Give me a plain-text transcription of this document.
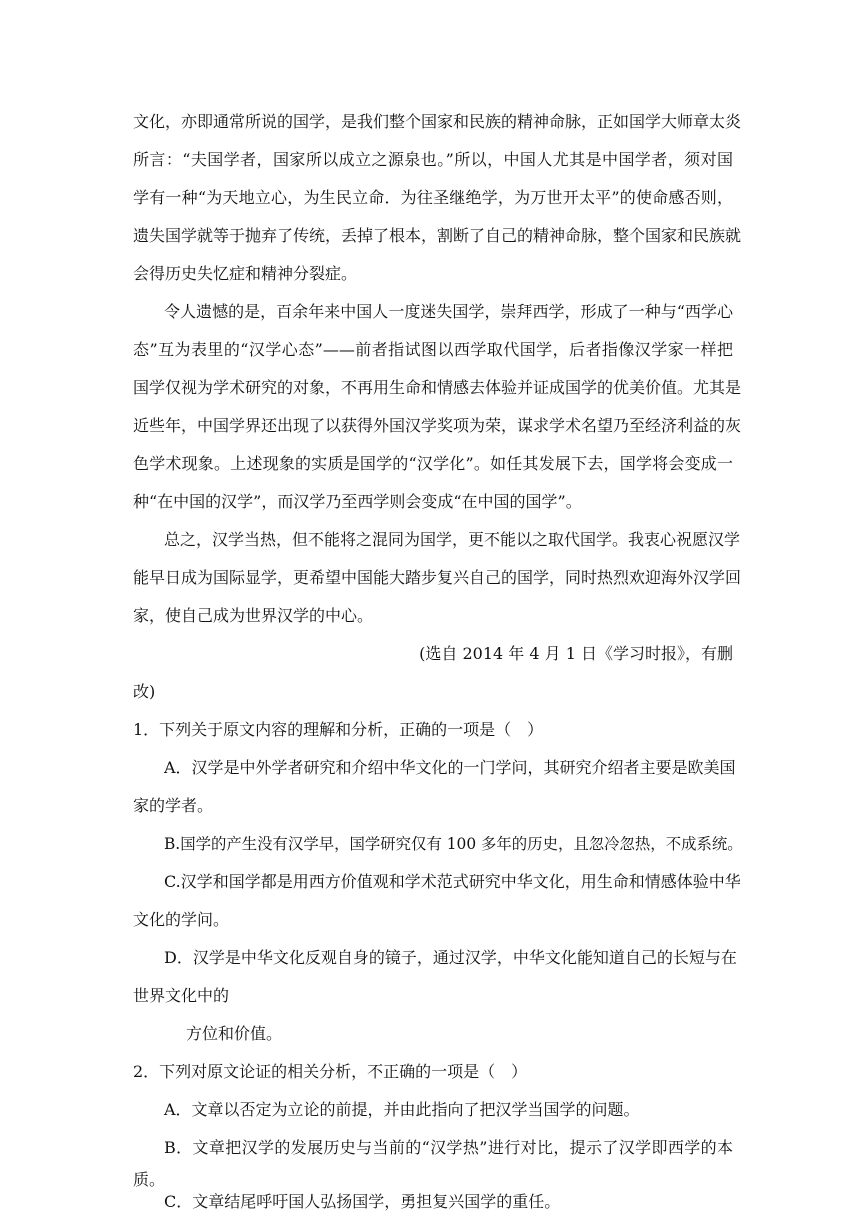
文化，亦即通常所说的国学，是我们整个国家和民族的精神命脉，正如国学大师章太炎
所言：“夫国学者，国家所以成立之源泉也。”所以，中国人尤其是中国学者，须对国
学有一种“为天地立心，为生民立命．为往圣继绝学，为万世开太平”的使命感否则，
遗失国学就等于抛弃了传统，丢掉了根本，割断了自己的精神命脉，整个国家和民族就
会得历史失忆症和精神分裂症。
令人遗憾的是，百余年来中国人一度迷失国学，崇拜西学，形成了一种与“西学心
态”互为表里的“汉学心态”——前者指试图以西学取代国学，后者指像汉学家一样把
国学仅视为学术研究的对象，不再用生命和情感去体验并证成国学的优美价值。尤其是
近些年，中国学界还出现了以获得外国汉学奖项为荣，谋求学术名望乃至经济利益的灰
色学术现象。上述现象的实质是国学的“汉学化”。如任其发展下去，国学将会变成一
种“在中国的汉学”，而汉学乃至西学则会变成“在中国的国学”。
总之，汉学当热，但不能将之混同为国学，更不能以之取代国学。我衷心祝愿汉学
能早日成为国际显学，更希望中国能大踏步复兴自己的国学，同时热烈欢迎海外汉学回
家，使自己成为世界汉学的中心。
(选自 2014 年 4 月 1 日《学习时报》，有删
改)
1．下列关于原文内容的理解和分析，正确的一项是（　）
A．汉学是中外学者研究和介绍中华文化的一门学问，其研究介绍者主要是欧美国
家的学者。
B.国学的产生没有汉学早，国学研究仅有 100 多年的历史，且忽冷忽热，不成系统。
C.汉学和国学都是用西方价值观和学术范式研究中华文化，用生命和情感体验中华
文化的学问。
D．汉学是中华文化反观自身的镜子，通过汉学，中华文化能知道自己的长短与在
世界文化中的
方位和价值。
2．下列对原文论证的相关分析，不正确的一项是（　）
A．文章以否定为立论的前提，并由此指向了把汉学当国学的问题。
B．文章把汉学的发展历史与当前的“汉学热”进行对比，提示了汉学即西学的本
质。
C．文章结尾呼吁国人弘扬国学，勇担复兴国学的重任。
